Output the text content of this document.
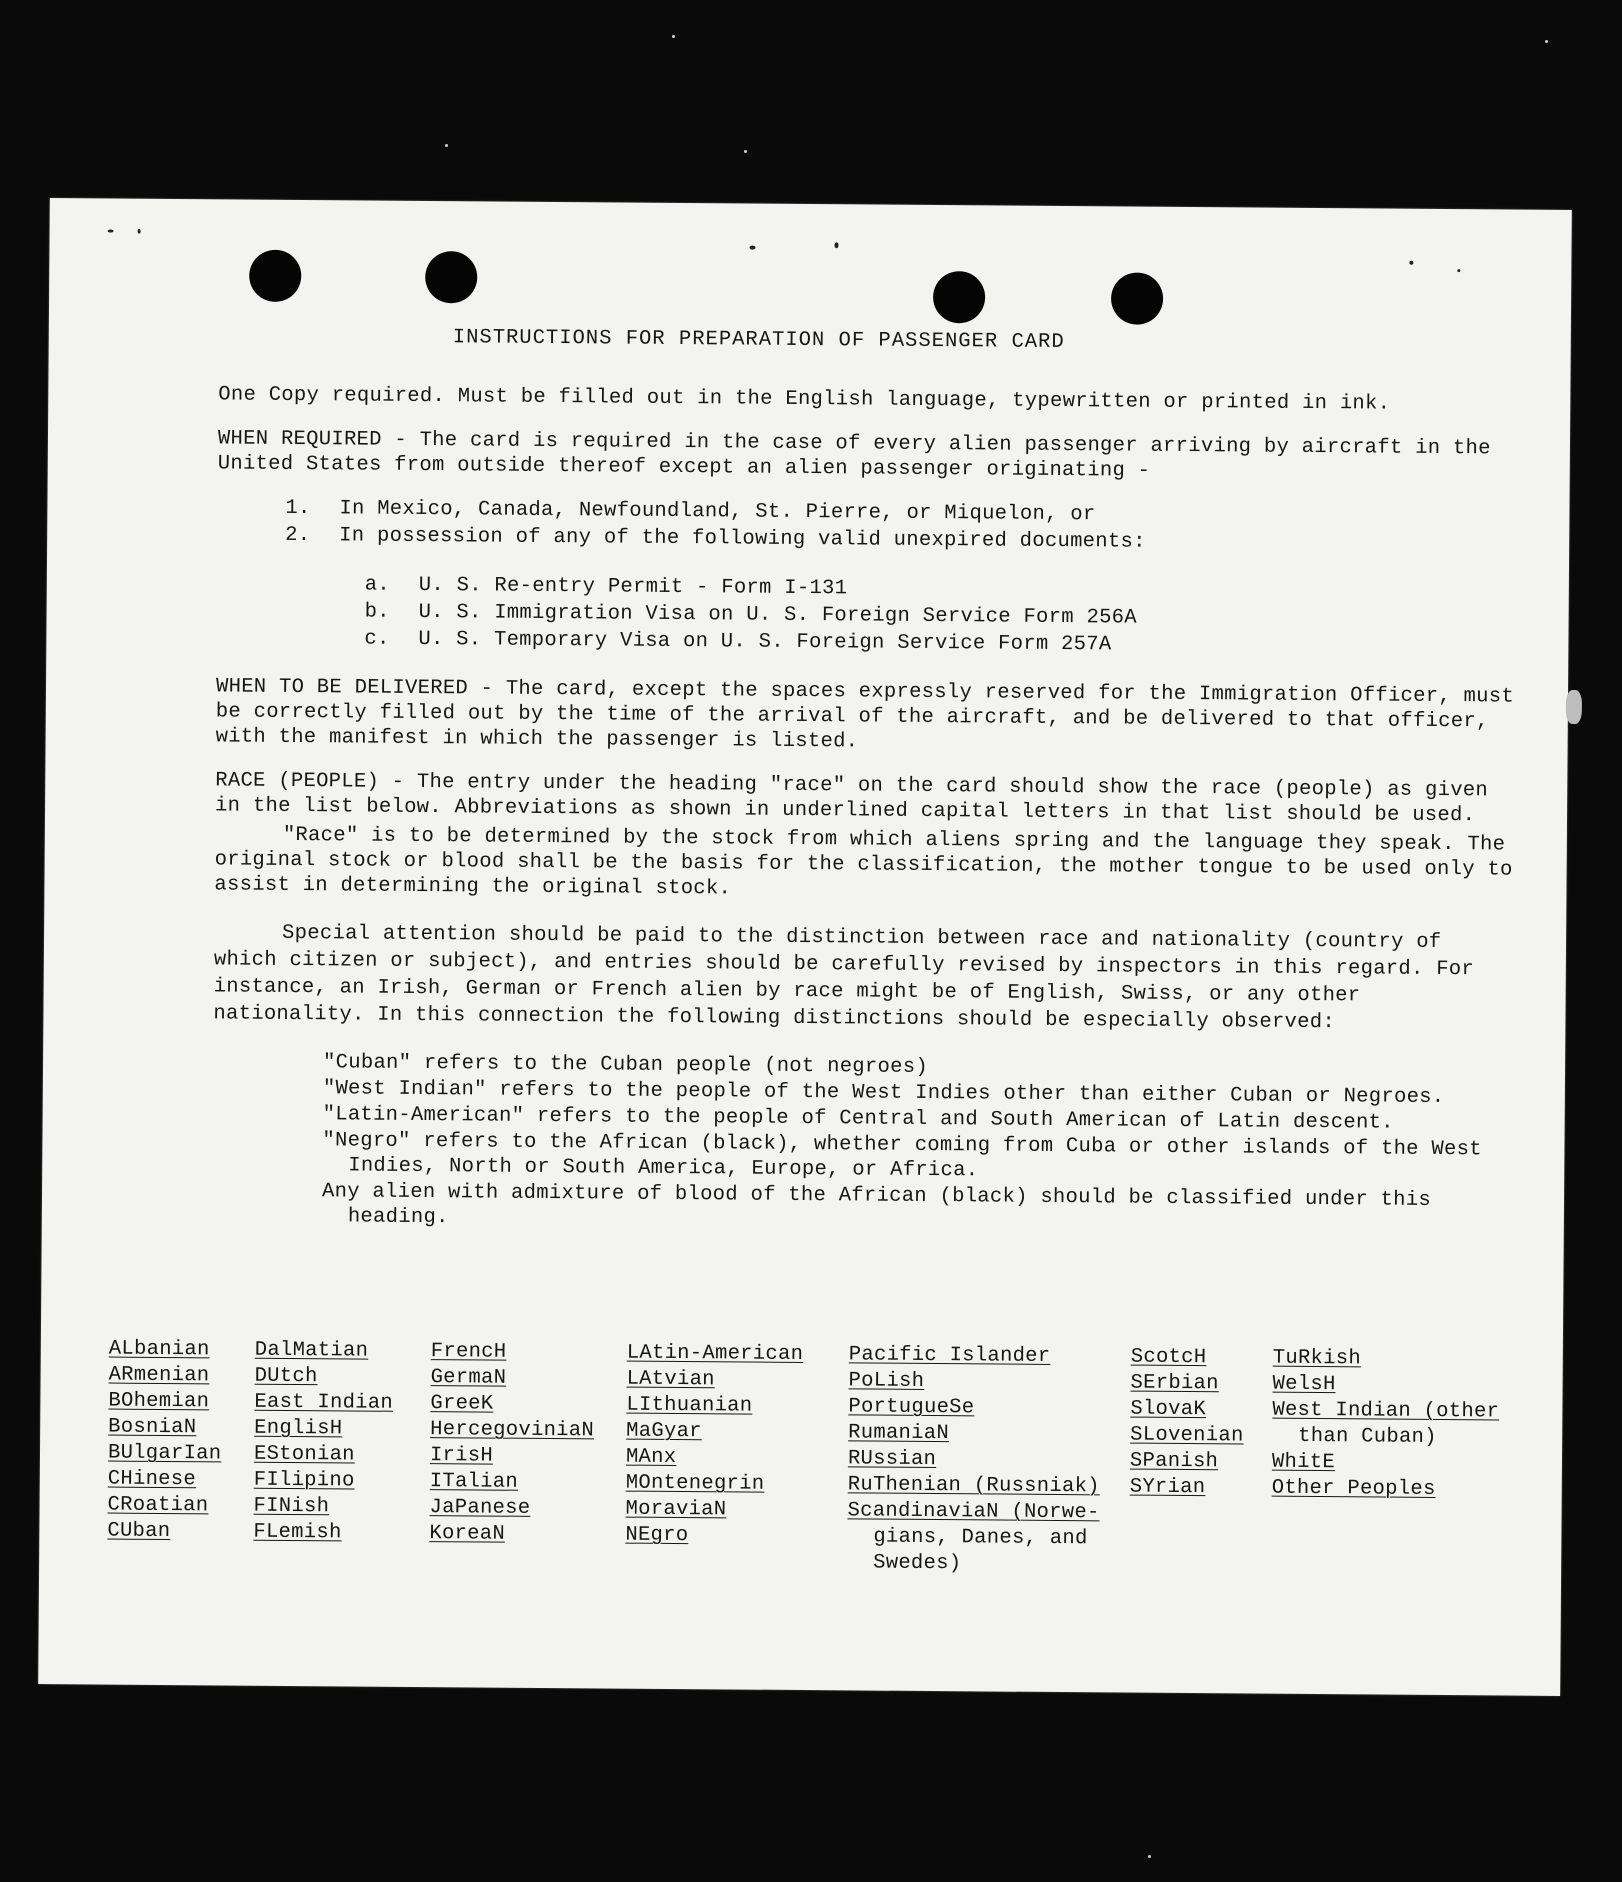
INSTRUCTIONS FOR PREPARATION OF PASSENGER CARD

One Copy required. Must be filled out in the English language, typewritten or printed in ink.

WHEN REQUIRED - The card is required in the case of every alien passenger arriving by aircraft in the United States from outside thereof except an alien passenger originating -

1. In Mexico, Canada, Newfoundland, St. Pierre, or Miquelon, or
2. In possession of any of the following valid unexpired documents:
a. U. S. Re-entry Permit - Form I-131
b. U. S. Immigration Visa on U. S. Foreign Service Form 256A
c. U. S. Temporary Visa on U. S. Foreign Service Form 257A

WHEN TO BE DELIVERED - The card, except the spaces expressly reserved for the Immigration Officer, must be correctly filled out by the time of the arrival of the aircraft, and be delivered to that officer, with the manifest in which the passenger is listed.

RACE (PEOPLE) - The entry under the heading "race" on the card should show the race (people) as given in the list below. Abbreviations as shown in underlined capital letters in that list should be used.

"Race" is to be determined by the stock from which aliens spring and the language they speak. The original stock or blood shall be the basis for the classification, the mother tongue to be used only to assist in determining the original stock.

Special attention should be paid to the distinction between race and nationality (country of which citizen or subject), and entries should be carefully revised by inspectors in this regard. For instance, an Irish, German or French alien by race might be of English, Swiss, or any other nationality. In this connection the following distinctions should be especially observed:

"Cuban" refers to the Cuban people (not negroes)
"West Indian" refers to the people of the West Indies other than either Cuban or Negroes.
"Latin-American" refers to the people of Central and South American of Latin descent.
"Negro" refers to the African (black), whether coming from Cuba or other islands of the West Indies, North or South America, Europe, or Africa.
Any alien with admixture of blood of the African (black) should be classified under this heading.
ALbanian
ARmenian
BOhemian
BosniaN
BUlgarIan
CHinese
CRoatian
CUban
DalMatian
DUtch
East Indian
EnglisH
EStonian
FIlipino
FINish
FLemish
FrencH
GermaN
GreeK
HercegoviniaN
IrisH
ITalian
JaPanese
KoreaN
LAtin-American
LAtvian
LIthuanian
MaGyar
MAnx
MOntenegrin
MoraviaN
NEgro
Pacific Islander
PoLish
PortugueSe
RumaniaN
RUssian
RuThenian (Russniak)
ScandinaviaN (Norwe-
gians, Danes, and
Swedes)
ScotcH
SErbian
SlovaK
SLovenian
SPanish
SYrian
TuRkish
WelsH
West Indian (other
than Cuban)
WhitE
Other Peoples
